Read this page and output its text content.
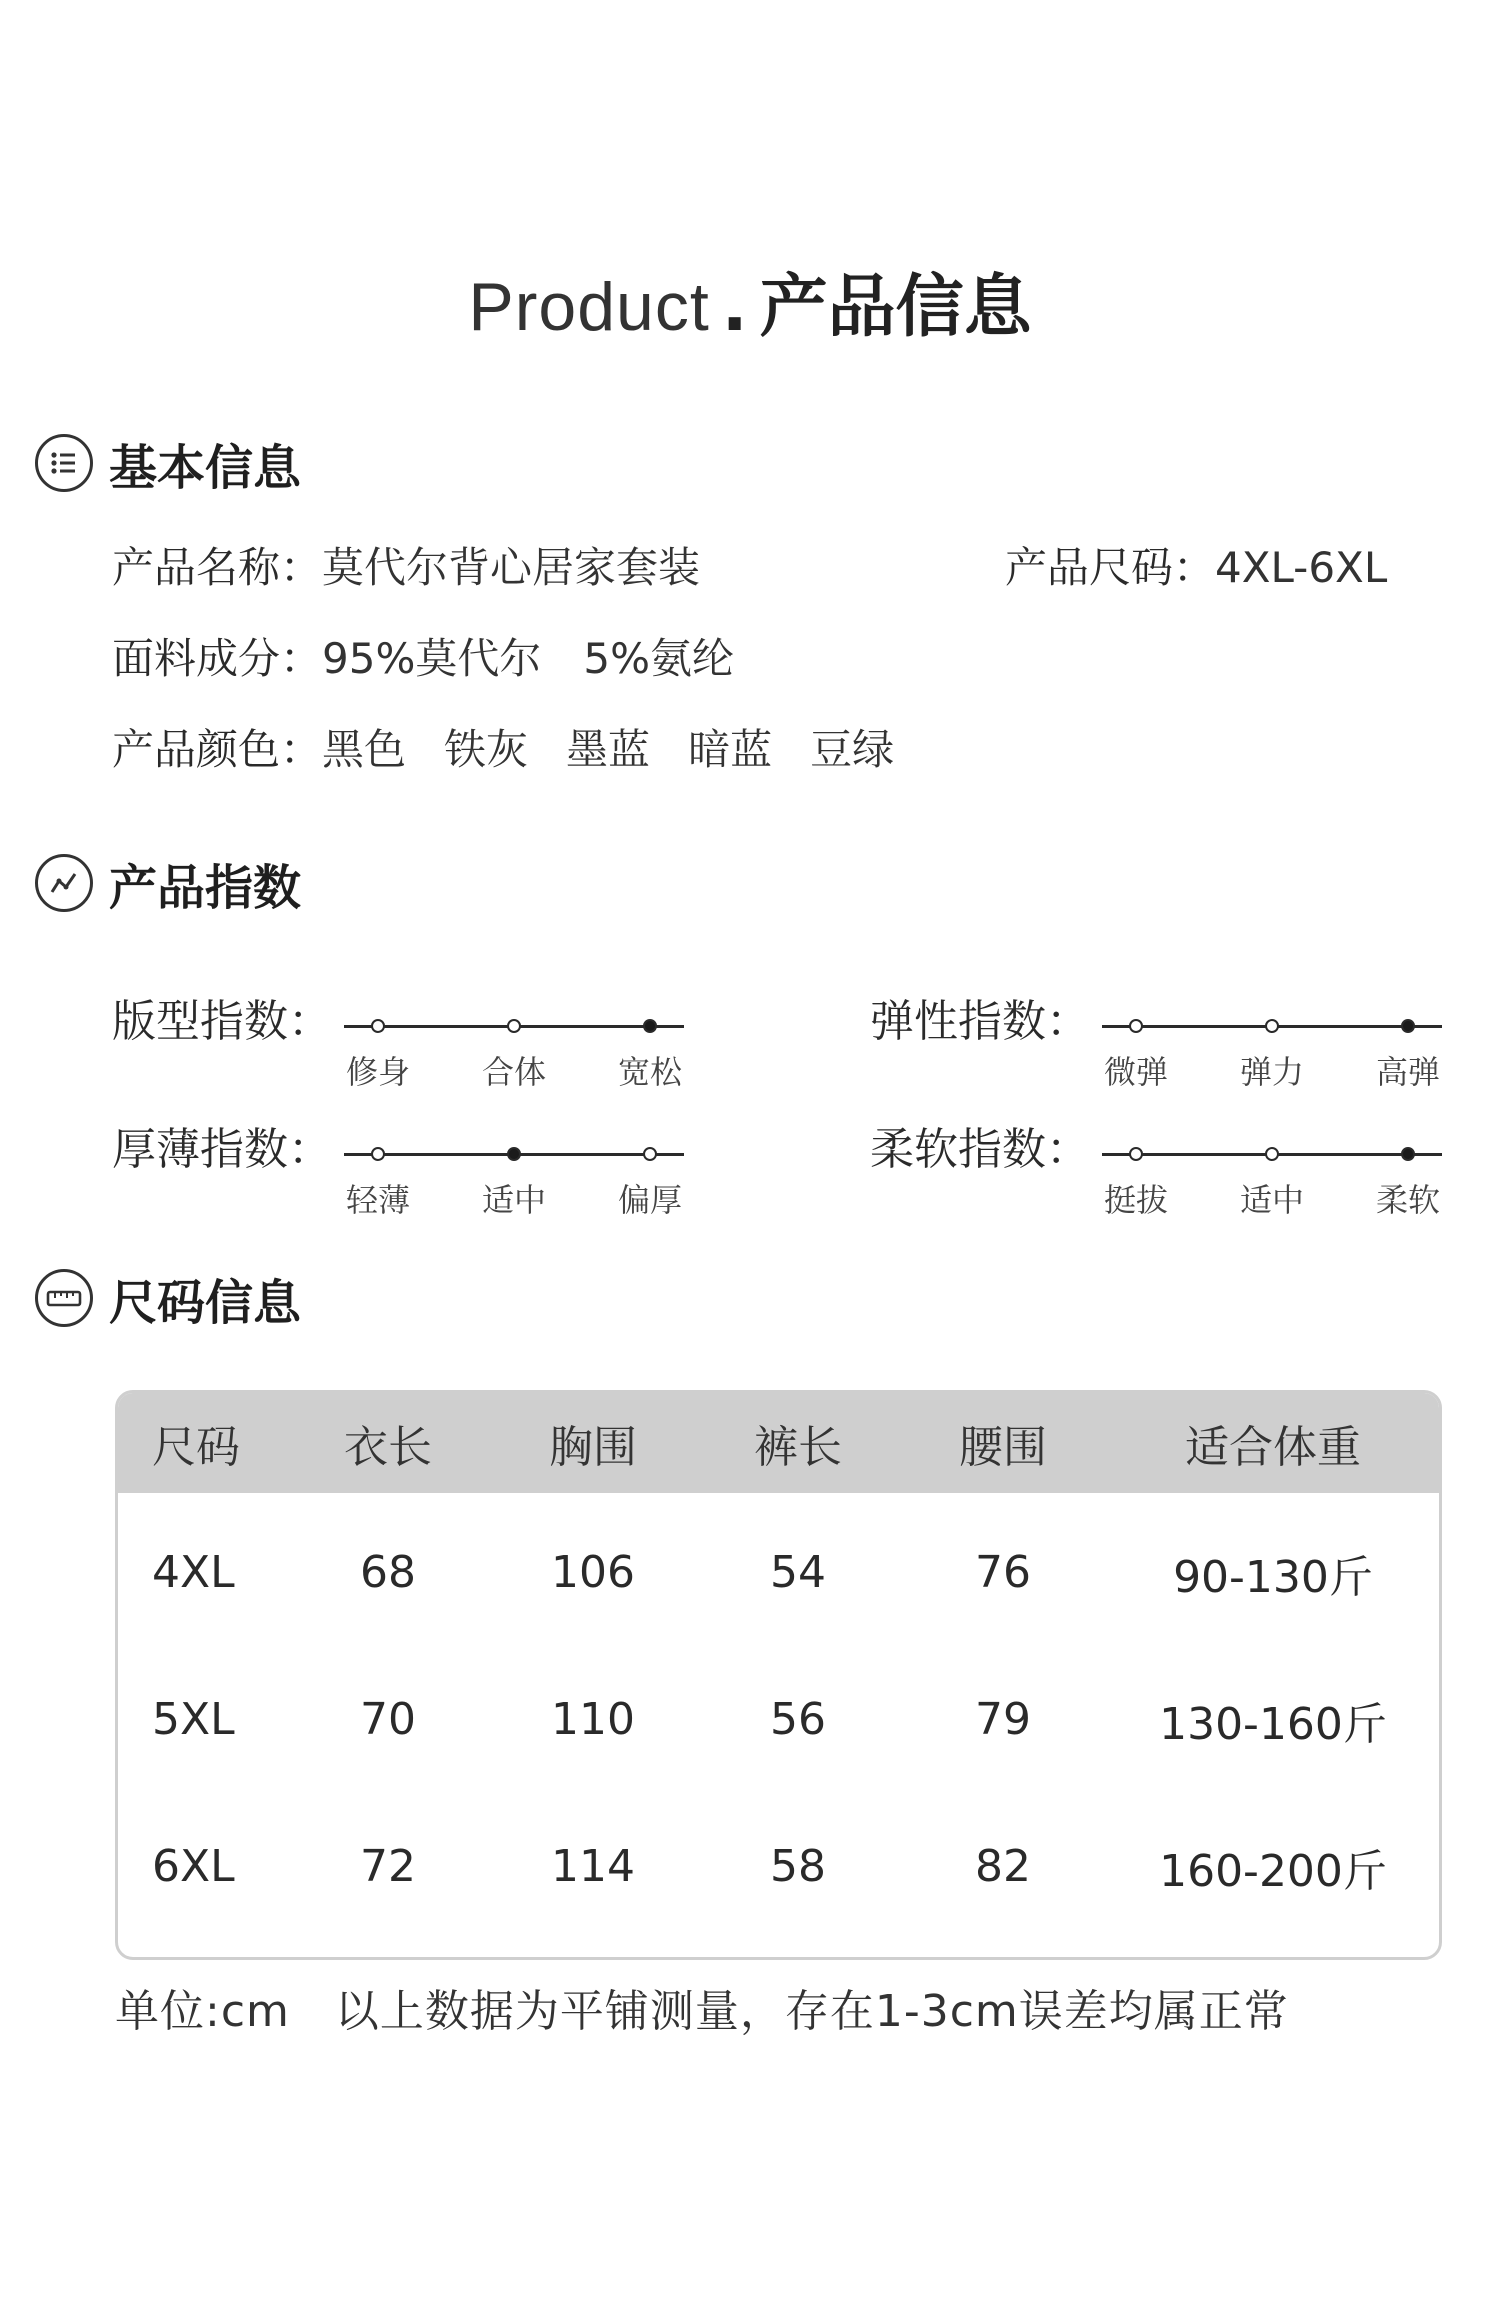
Product . 产品信息
基本信息
产品名称：莫代尔背心居家套装	产品尺码：4XL-6XL
面料成分：95%莫代尔　5%氨纶
产品颜色：黑色 铁灰 墨蓝 暗蓝 豆绿
产品指数
版型指数：
修身 合体 宽松
弹性指数：
微弹 弹力 高弹
厚薄指数：
轻薄 适中 偏厚
柔软指数：
挺拔 适中 柔软
尺码信息
尺码	衣长	胸围	裤长	腰围	适合体重
4XL	68	106	54	76	90-130斤
5XL	70	110	56	79	130-160斤
6XL	72	114	58	82	160-200斤
单位:cm　以上数据为平铺测量，存在1-3cm误差均属正常
